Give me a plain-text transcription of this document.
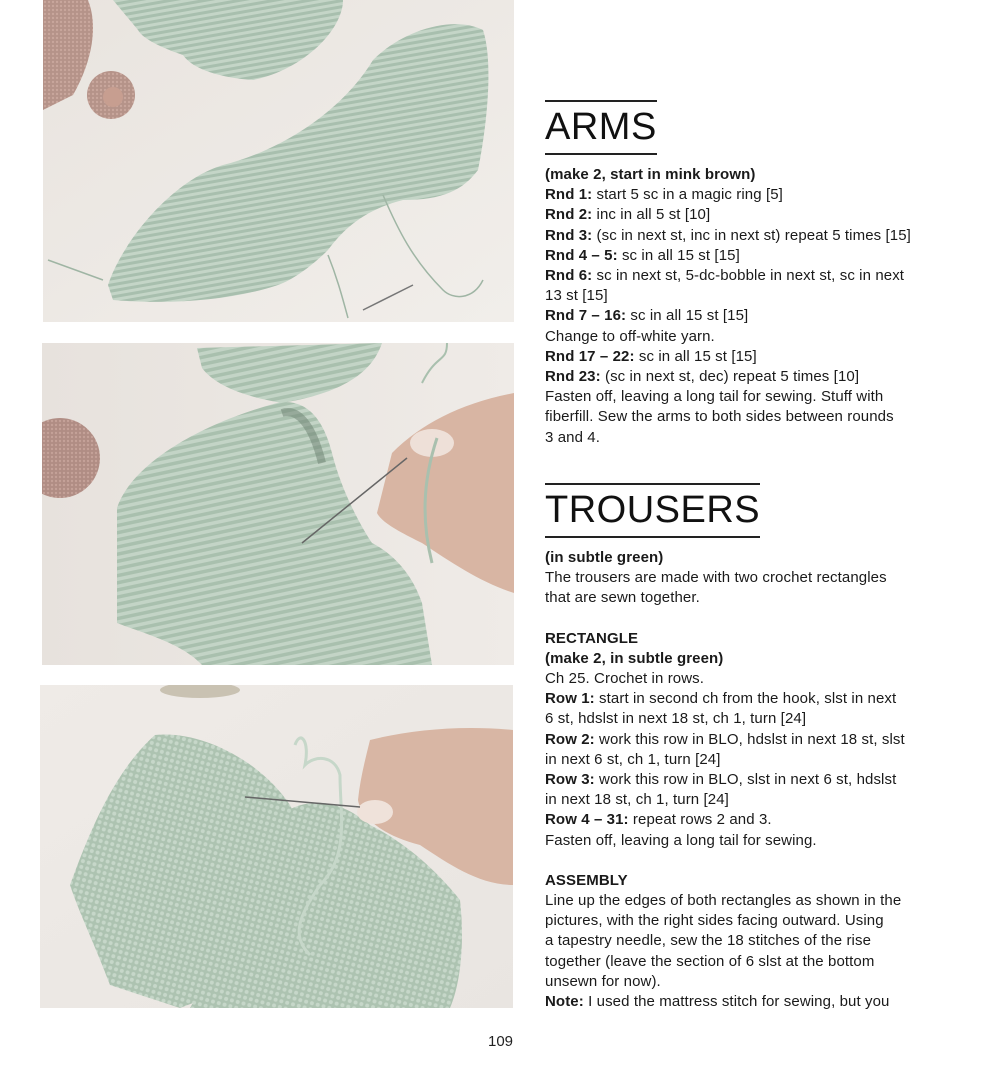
ARMS
(make 2, start in mink brown)
Rnd 1: start 5 sc in a magic ring [5]
Rnd 2: inc in all 5 st [10]
Rnd 3: (sc in next st, inc in next st) repeat 5 times [15]
Rnd 4 – 5: sc in all 15 st [15]
Rnd 6: sc in next st, 5-dc-bobble in next st, sc in next
13 st [15]
Rnd 7 – 16: sc in all 15 st [15]
Change to off-white yarn.
Rnd 17 – 22: sc in all 15 st [15]
Rnd 23: (sc in next st, dec) repeat 5 times [10]
Fasten off, leaving a long tail for sewing. Stuff with
fiberfill. Sew the arms to both sides between rounds
3 and 4.
TROUSERS
(in subtle green)
The trousers are made with two crochet rectangles
that are sewn together.
RECTANGLE
(make 2, in subtle green)
Ch 25. Crochet in rows.
Row 1: start in second ch from the hook, slst in next
6 st, hdslst in next 18 st, ch 1, turn [24]
Row 2: work this row in BLO, hdslst in next 18 st, slst
in next 6 st, ch 1, turn [24]
Row 3: work this row in BLO, slst in next 6 st, hdslst
in next 18 st, ch 1, turn [24]
Row 4 – 31: repeat rows 2 and 3.
Fasten off, leaving a long tail for sewing.
ASSEMBLY
Line up the edges of both rectangles as shown in the
pictures, with the right sides facing outward. Using
a tapestry needle, sew the 18 stitches of the rise
together (leave the section of 6 slst at the bottom
unsewn for now).
Note: I used the mattress stitch for sewing, but you
109
